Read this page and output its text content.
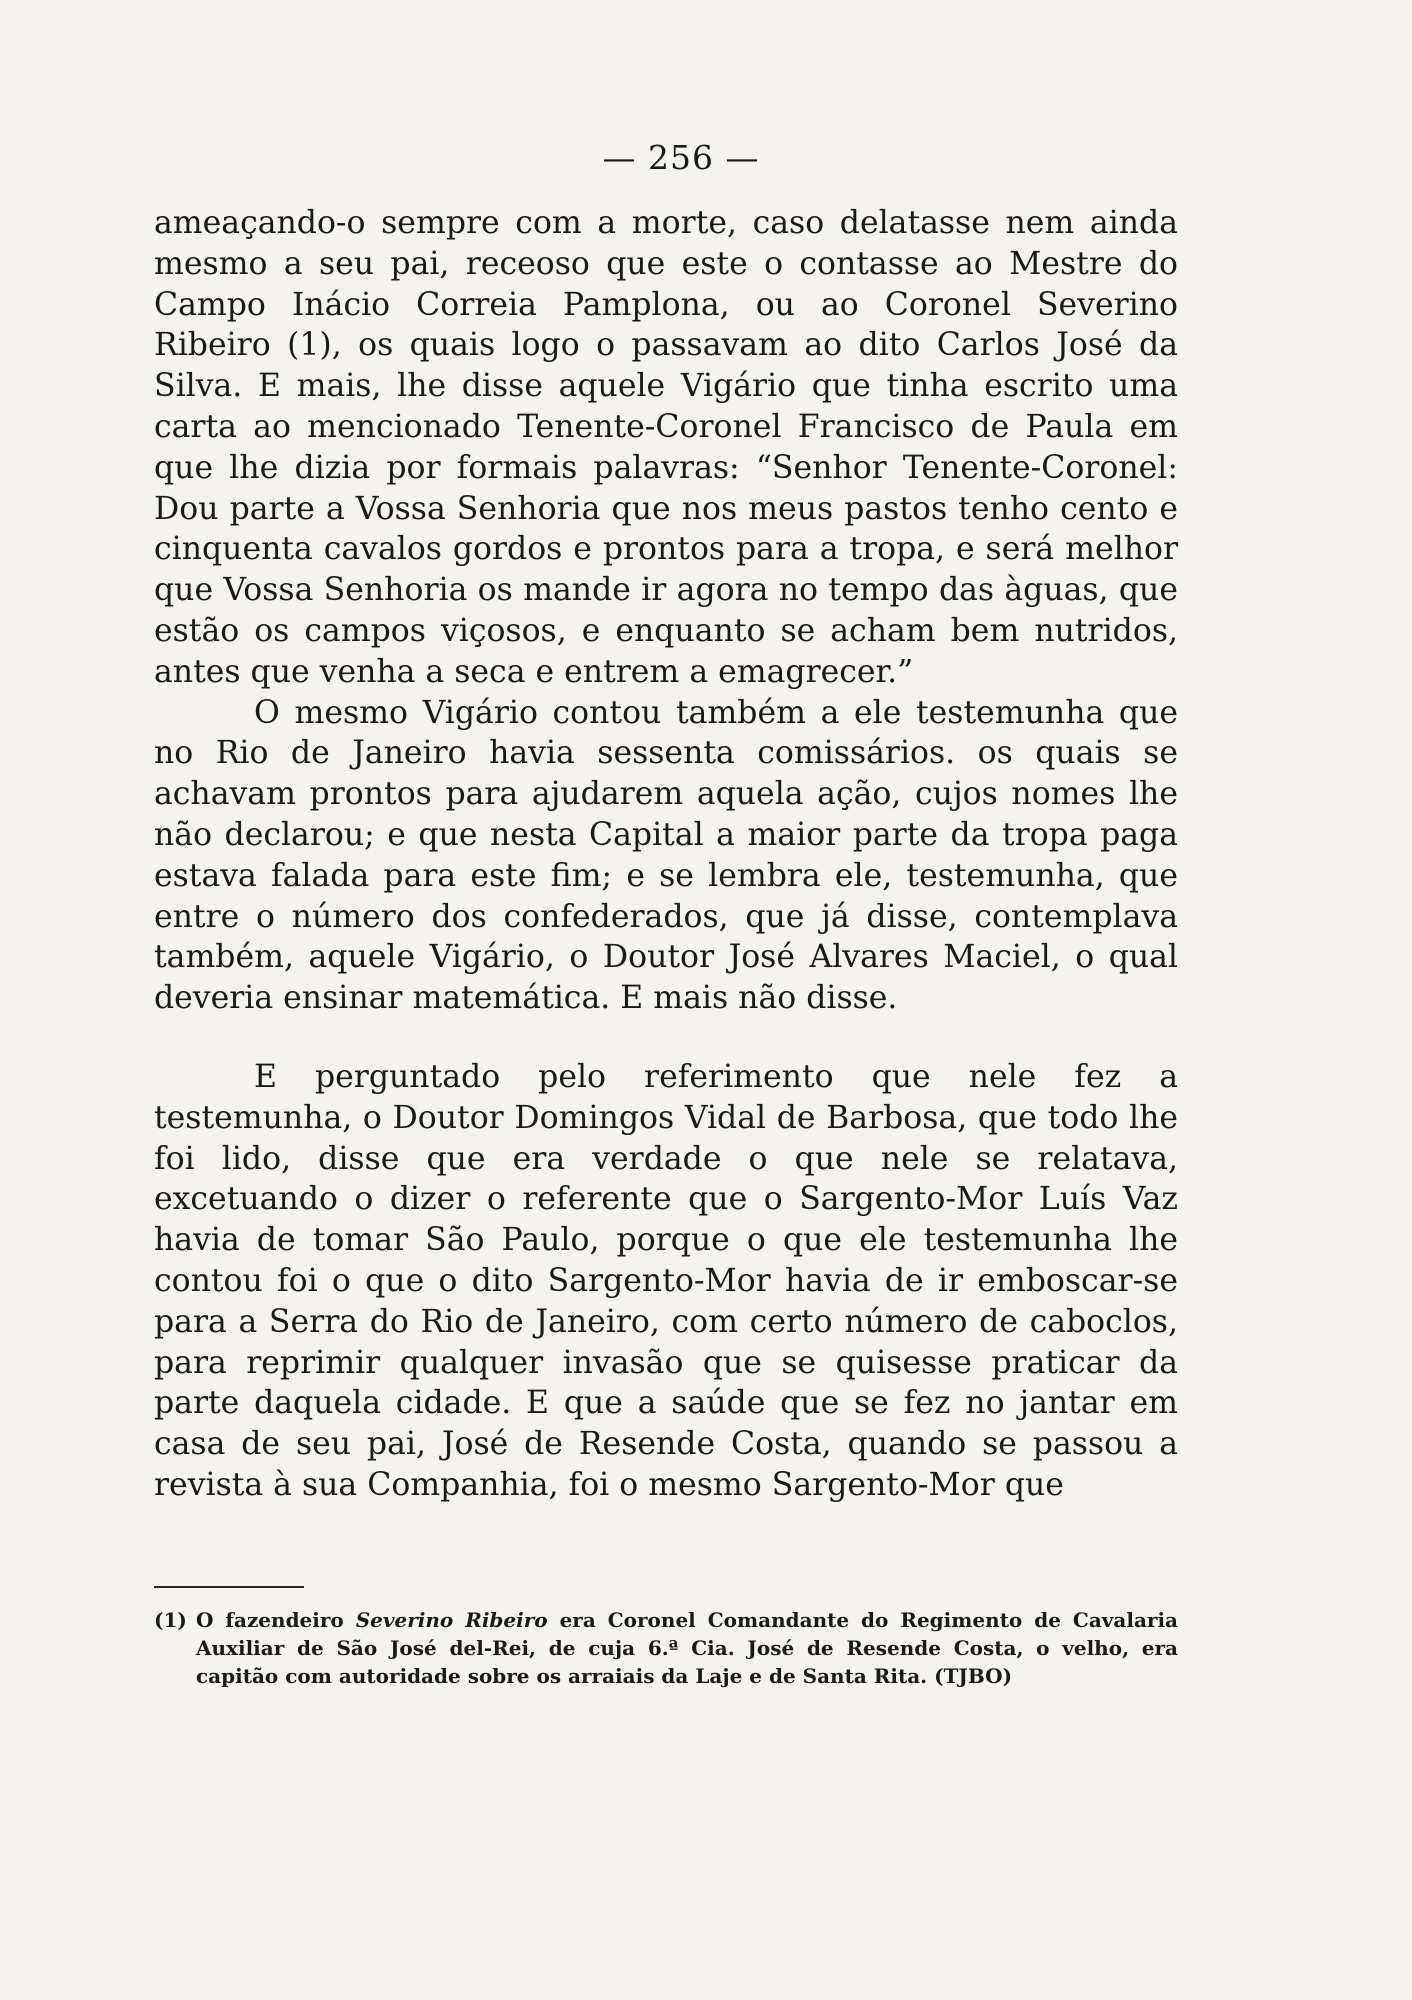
— 256 —

ameaçando-o sempre com a morte, caso delatasse nem ainda mesmo a seu pai, receoso que este o contasse ao Mestre do Campo Inácio Correia Pamplona, ou ao Coronel Severino Ribeiro (1), os quais logo o passavam ao dito Carlos José da Silva. E mais, lhe disse aquele Vigário que tinha escrito uma carta ao mencionado Tenente-Coronel Francisco de Paula em que lhe dizia por formais palavras: “Senhor Tenente-Coronel: Dou parte a Vossa Senhoria que nos meus pastos tenho cento e cinquenta cavalos gordos e prontos para a tropa, e será melhor que Vossa Senhoria os mande ir agora no tempo das àguas, que estão os campos viçosos, e enquanto se acham bem nutridos, antes que venha a seca e entrem a emagrecer.”

O mesmo Vigário contou também a ele testemunha que no Rio de Janeiro havia sessenta comissários. os quais se achavam prontos para ajudarem aquela ação, cujos nomes lhe não declarou; e que nesta Capital a maior parte da tropa paga estava falada para este fim; e se lembra ele, testemunha, que entre o número dos confederados, que já disse, contemplava também, aquele Vigário, o Doutor José Alvares Maciel, o qual deveria ensinar matemática. E mais não disse.

E perguntado pelo referimento que nele fez a testemunha, o Doutor Domingos Vidal de Barbosa, que todo lhe foi lido, disse que era verdade o que nele se relatava, excetuando o dizer o referente que o Sargento-Mor Luís Vaz havia de tomar São Paulo, porque o que ele testemunha lhe contou foi o que o dito Sargento-Mor havia de ir emboscar-se para a Serra do Rio de Janeiro, com certo número de caboclos, para reprimir qualquer invasão que se quisesse praticar da parte daquela cidade. E que a saúde que se fez no jantar em casa de seu pai, José de Resende Costa, quando se passou a revista à sua Companhia, foi o mesmo Sargento-Mor que

(1) O fazendeiro Severino Ribeiro era Coronel Comandante do Regimento de Cavalaria Auxiliar de São José del-Rei, de cuja 6.ª Cia. José de Resende Costa, o velho, era capitão com autoridade sobre os arraiais da Laje e de Santa Rita. (TJBO)
